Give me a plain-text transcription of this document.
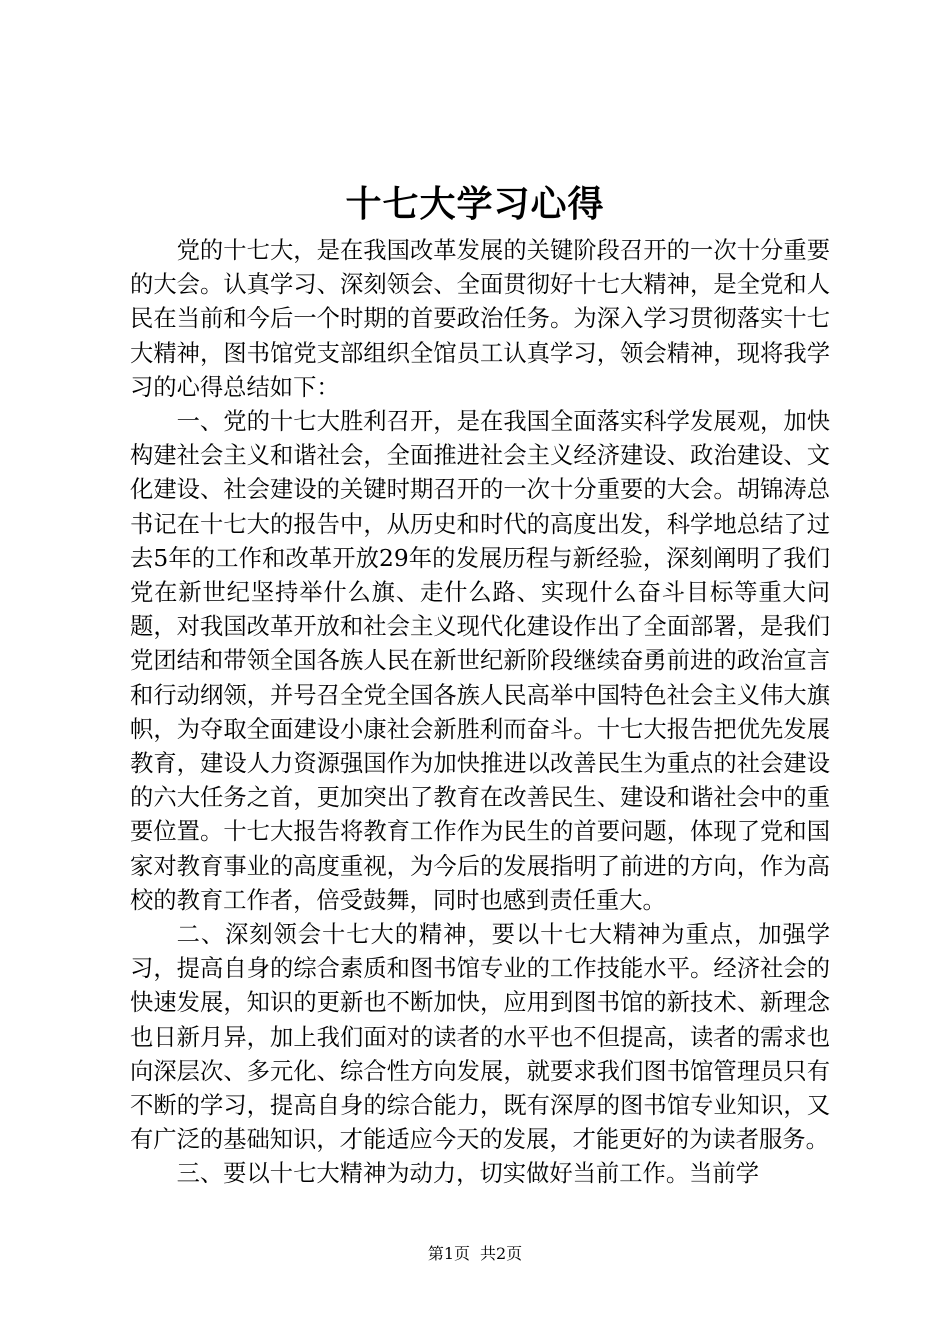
十七大学习心得

党的十七大，是在我国改革发展的关键阶段召开的一次十分重要的大会。认真学习、深刻领会、全面贯彻好十七大精神，是全党和人民在当前和今后一个时期的首要政治任务。为深入学习贯彻落实十七大精神，图书馆党支部组织全馆员工认真学习，领会精神，现将我学习的心得总结如下：

一、党的十七大胜利召开，是在我国全面落实科学发展观，加快构建社会主义和谐社会，全面推进社会主义经济建设、政治建设、文化建设、社会建设的关键时期召开的一次十分重要的大会。胡锦涛总书记在十七大的报告中，从历史和时代的高度出发，科学地总结了过去5年的工作和改革开放29年的发展历程与新经验，深刻阐明了我们党在新世纪坚持举什么旗、走什么路、实现什么奋斗目标等重大问题，对我国改革开放和社会主义现代化建设作出了全面部署，是我们党团结和带领全国各族人民在新世纪新阶段继续奋勇前进的政治宣言和行动纲领，并号召全党全国各族人民高举中国特色社会主义伟大旗帜，为夺取全面建设小康社会新胜利而奋斗。十七大报告把优先发展教育，建设人力资源强国作为加快推进以改善民生为重点的社会建设的六大任务之首，更加突出了教育在改善民生、建设和谐社会中的重要位置。十七大报告将教育工作作为民生的首要问题，体现了党和国家对教育事业的高度重视，为今后的发展指明了前进的方向，作为高校的教育工作者，倍受鼓舞，同时也感到责任重大。

二、深刻领会十七大的精神，要以十七大精神为重点，加强学习，提高自身的综合素质和图书馆专业的工作技能水平。经济社会的快速发展，知识的更新也不断加快，应用到图书馆的新技术、新理念也日新月异，加上我们面对的读者的水平也不但提高，读者的需求也向深层次、多元化、综合性方向发展，就要求我们图书馆管理员只有不断的学习，提高自身的综合能力，既有深厚的图书馆专业知识，又有广泛的基础知识，才能适应今天的发展，才能更好的为读者服务。

三、要以十七大精神为动力，切实做好当前工作。当前学

第1页 共2页
